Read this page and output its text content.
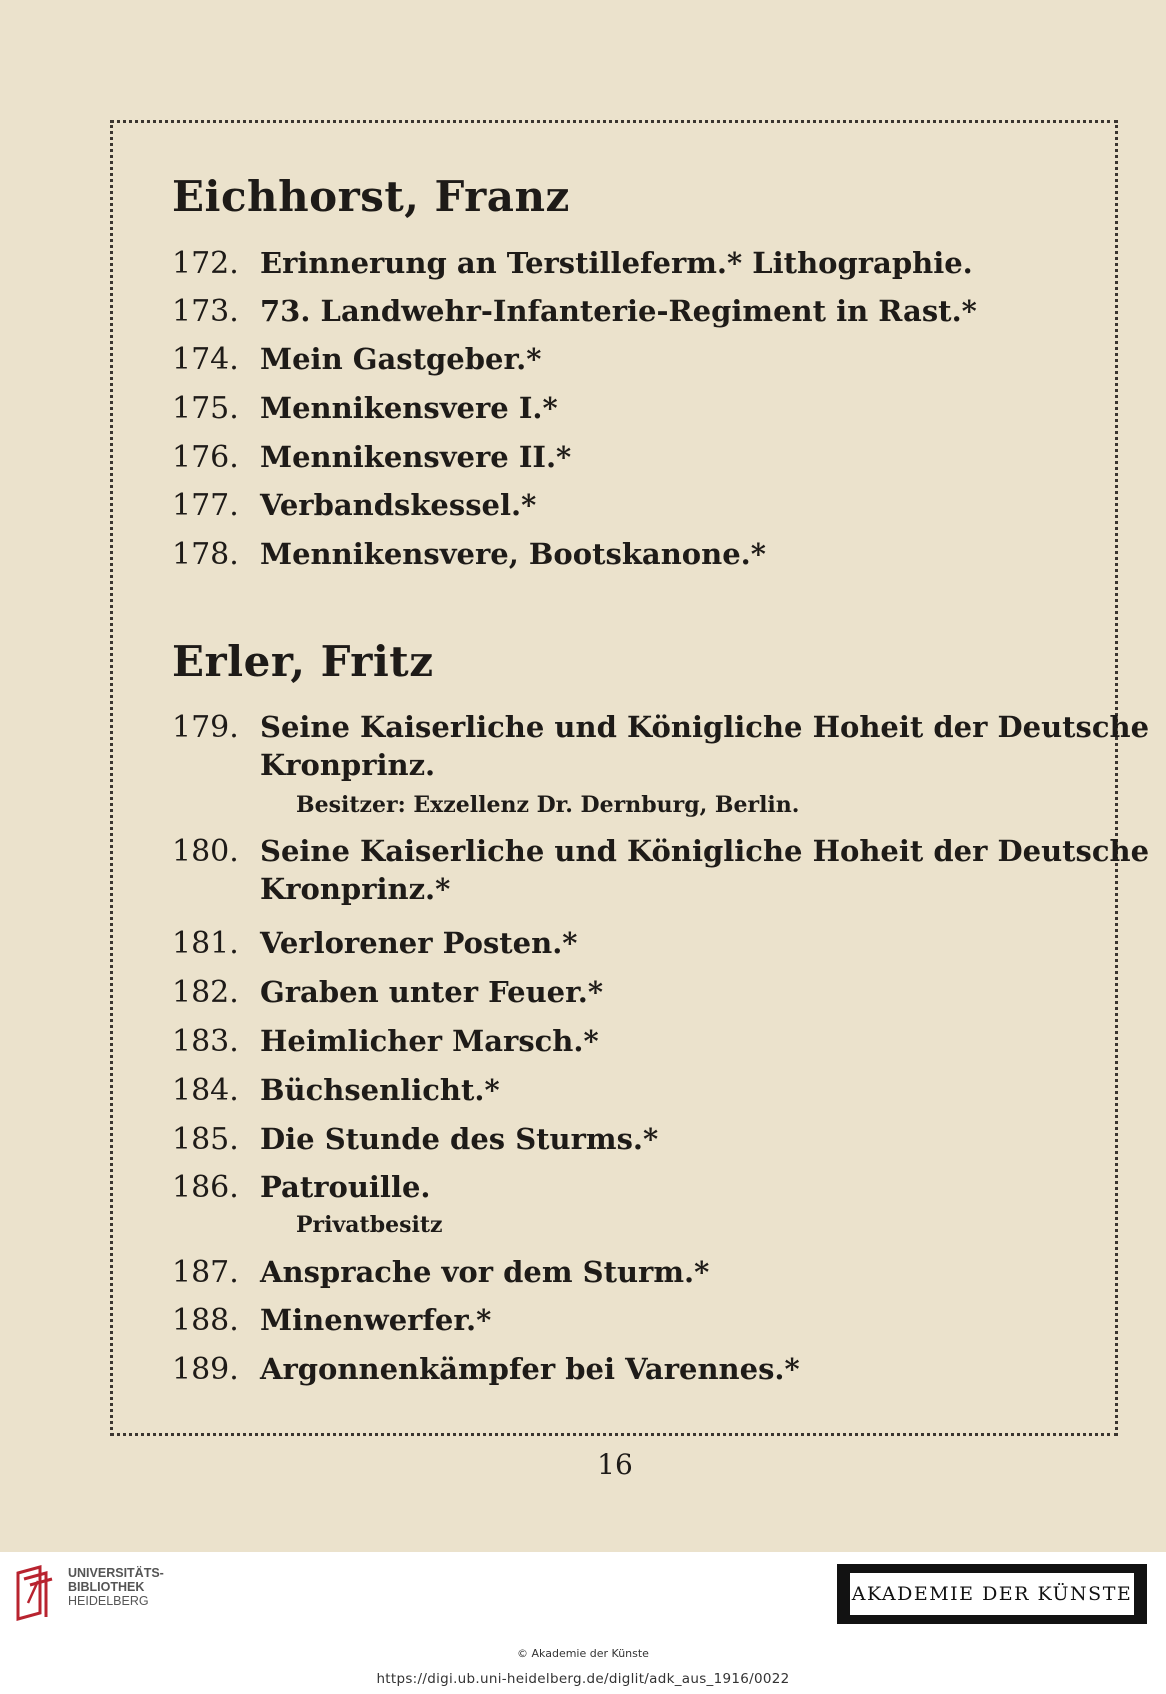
Eichhorst, Franz
172. Erinnerung an Terstilleferm.* Lithographie.
173. 73. Landwehr-Infanterie-Regiment in Rast.*
174. Mein Gastgeber.*
175. Mennikensvere I.*
176. Mennikensvere II.*
177. Verbandskessel.*
178. Mennikensvere, Bootskanone.*
Erler, Fritz
179. Seine Kaiserliche und Königliche Hoheit der Deutsche
Kronprinz.
Besitzer: Exzellenz Dr. Dernburg, Berlin.
180. Seine Kaiserliche und Königliche Hoheit der Deutsche
Kronprinz.*
181. Verlorener Posten.*
182. Graben unter Feuer.*
183. Heimlicher Marsch.*
184. Büchsenlicht.*
185. Die Stunde des Sturms.*
186. Patrouille.
Privatbesitz
187. Ansprache vor dem Sturm.*
188. Minenwerfer.*
189. Argonnenkämpfer bei Varennes.*
16
UNIVERSITÄTS-
BIBLIOTHEK
HEIDELBERG	AKADEMIE DER KÜNSTE
© Akademie der Künste
https://digi.ub.uni-heidelberg.de/diglit/adk_aus_1916/0022
